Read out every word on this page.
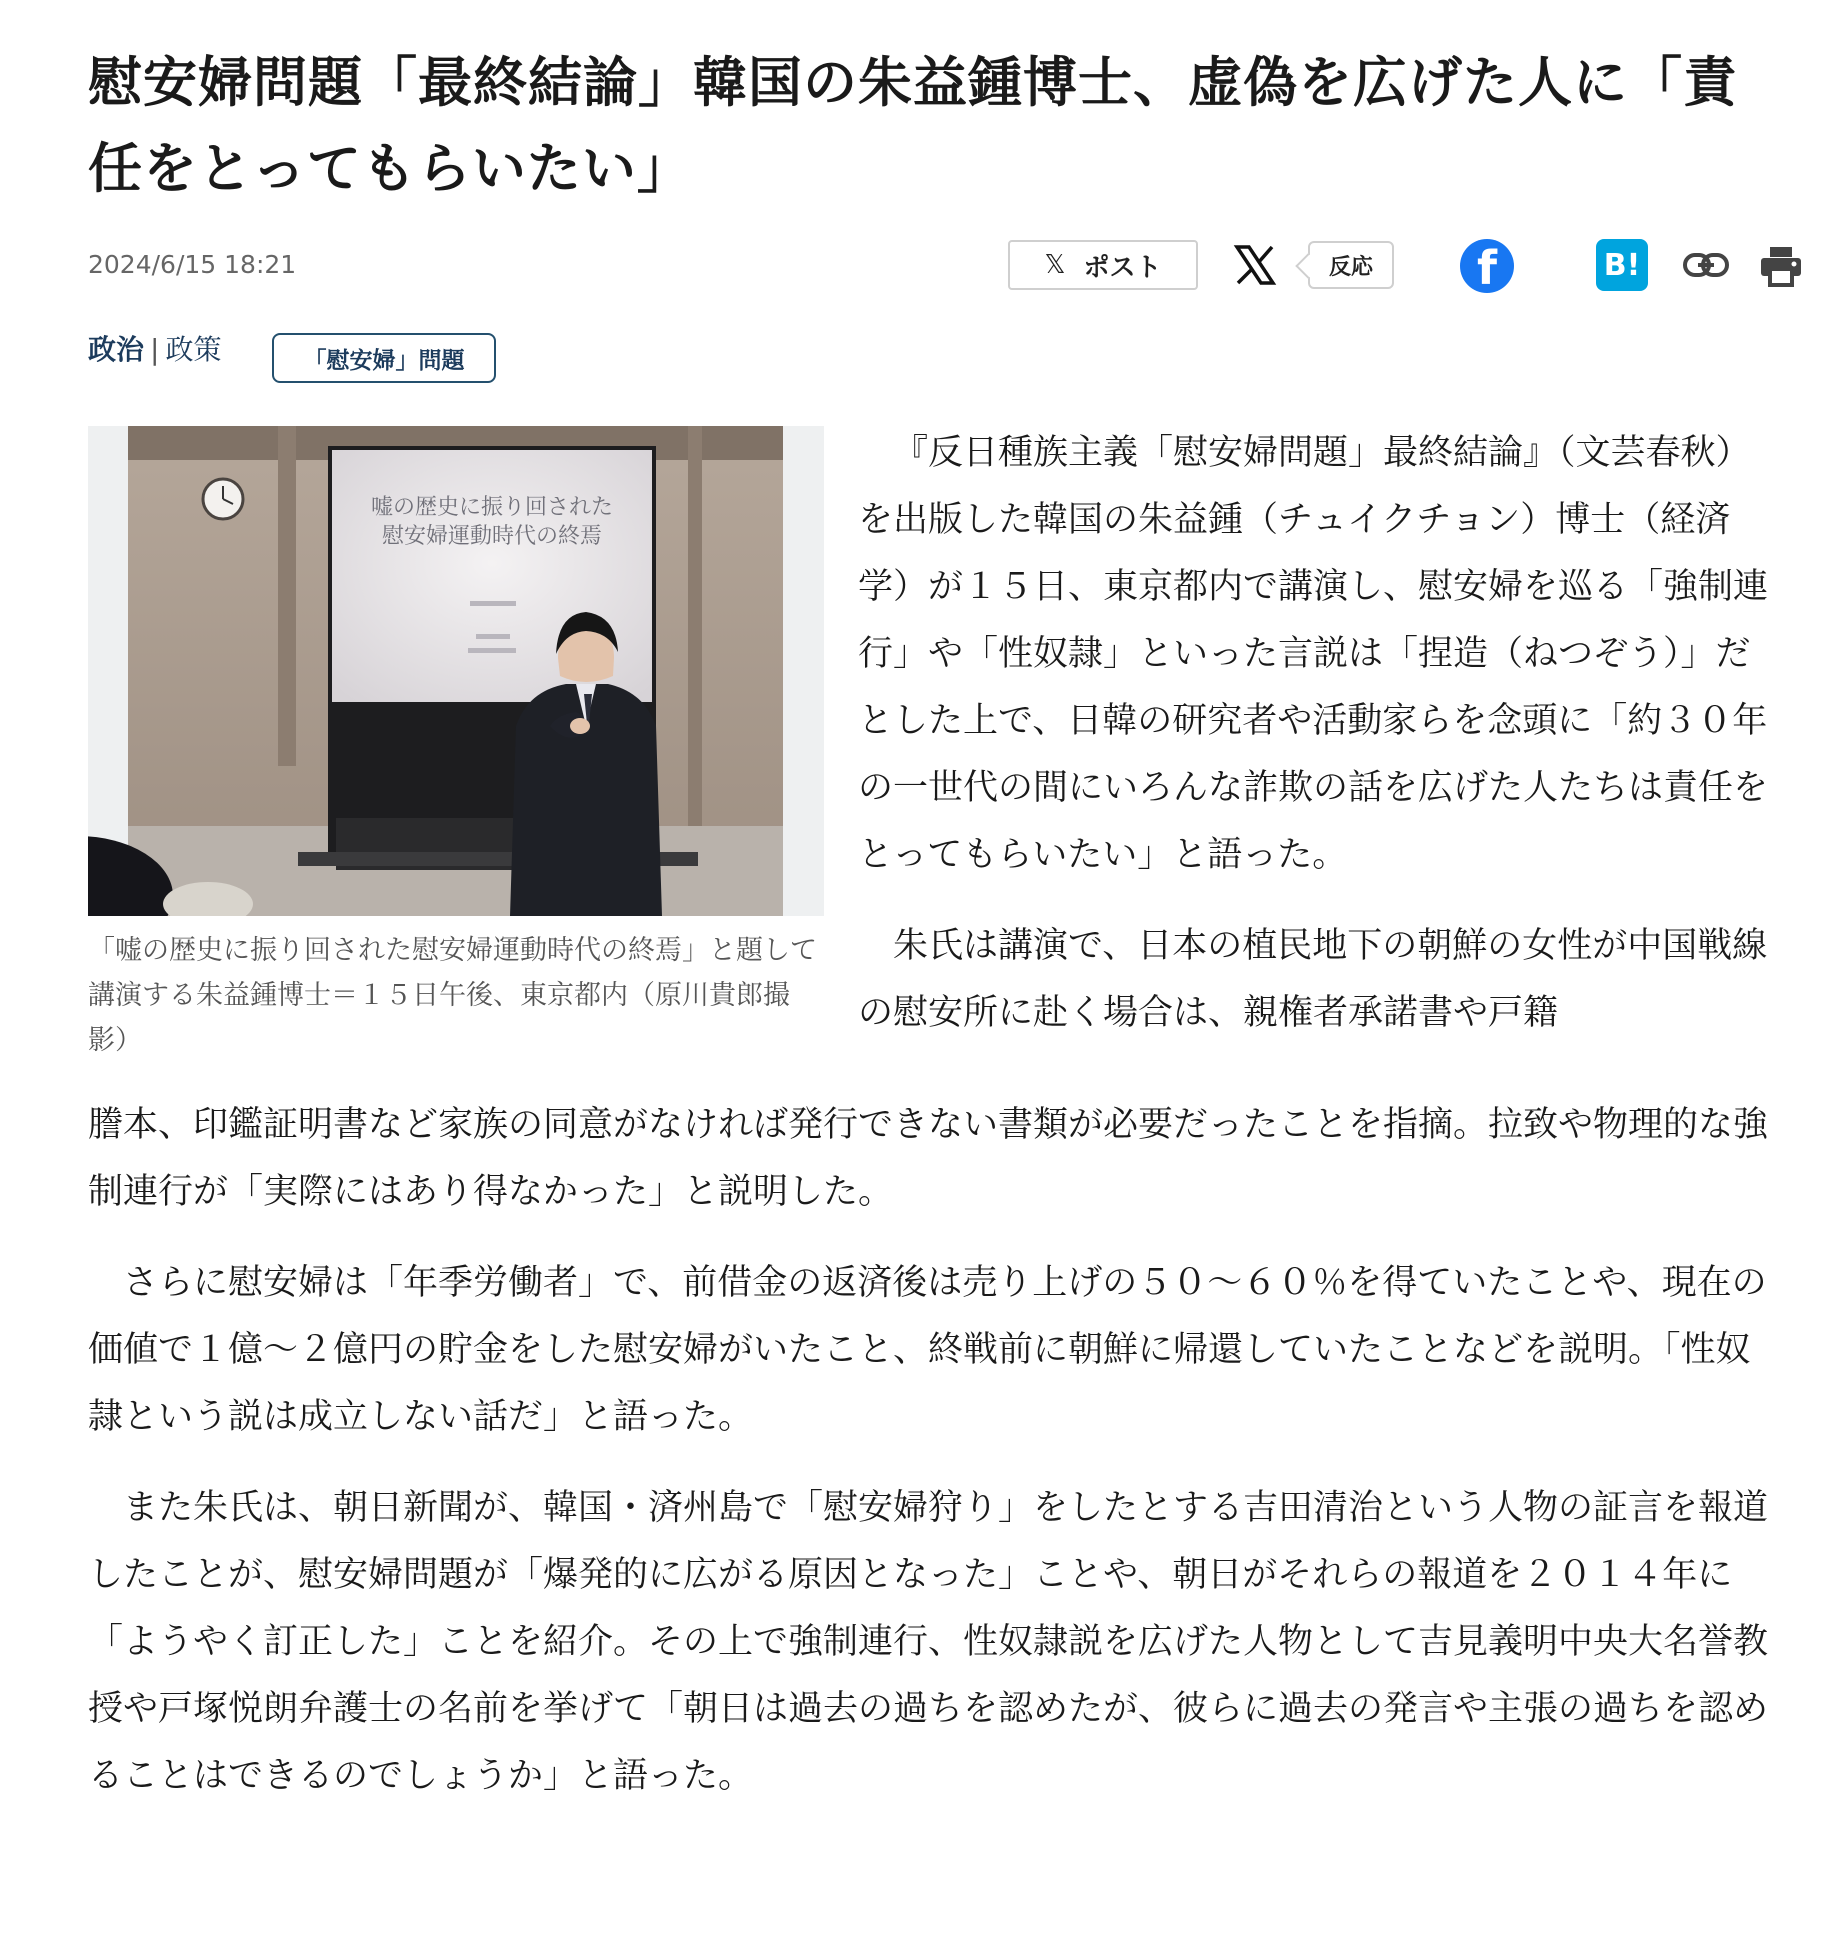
慰安婦問題「最終結論」韓国の朱益鍾博士、虚偽を広げた人に「責任をとってもらいたい」
2024/6/15 18:21	𝕏 ポスト	反応	f	B!
政治 | 政策	「慰安婦」問題
嘘の歴史に振り回された
慰安婦運動時代の終焉

「嘘の歴史に振り回された慰安婦運動時代の終焉」と題して講演する朱益鍾博士＝１５日午後、東京都内（原川貴郎撮影）

『反日種族主義「慰安婦問題」最終結論』（文芸春秋）を出版した韓国の朱益鍾（チュイクチョン）博士（経済学）が１５日、東京都内で講演し、慰安婦を巡る「強制連行」や「性奴隷」といった言説は「捏造（ねつぞう）」だとした上で、日韓の研究者や活動家らを念頭に「約３０年の一世代の間にいろんな詐欺の話を広げた人たちは責任をとってもらいたい」と語った。

朱氏は講演で、日本の植民地下の朝鮮の女性が中国戦線の慰安所に赴く場合は、親権者承諾書や戸籍

謄本、印鑑証明書など家族の同意がなければ発行できない書類が必要だったことを指摘。拉致や物理的な強制連行が「実際にはあり得なかった」と説明した。

さらに慰安婦は「年季労働者」で、前借金の返済後は売り上げの５０～６０％を得ていたことや、現在の価値で１億～２億円の貯金をした慰安婦がいたこと、終戦前に朝鮮に帰還していたことなどを説明。「性奴隷という説は成立しない話だ」と語った。

また朱氏は、朝日新聞が、韓国・済州島で「慰安婦狩り」をしたとする吉田清治という人物の証言を報道したことが、慰安婦問題が「爆発的に広がる原因となった」ことや、朝日がそれらの報道を２０１４年に「ようやく訂正した」ことを紹介。その上で強制連行、性奴隷説を広げた人物として吉見義明中央大名誉教授や戸塚悦朗弁護士の名前を挙げて「朝日は過去の過ちを認めたが、彼らに過去の発言や主張の過ちを認めることはできるのでしょうか」と語った。
